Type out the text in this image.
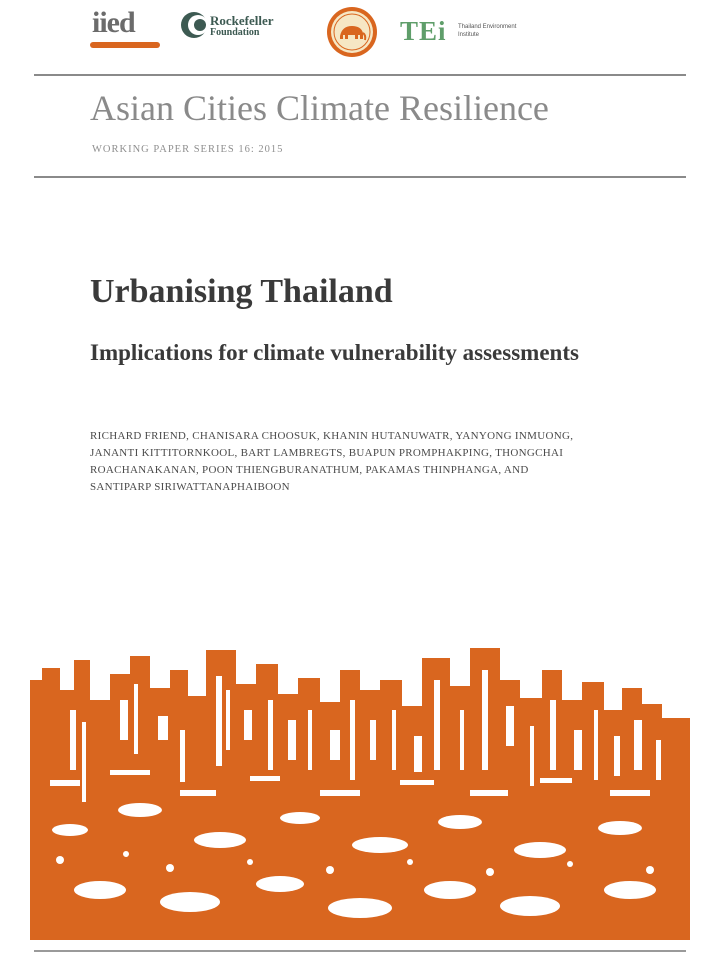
iied	Rockefeller
Foundation	TEi Thailand Environment
Institute
Asian Cities Climate Resilience
WORKING PAPER SERIES 16: 2015
Urbanising Thailand
Implications for climate vulnerability assessments
RICHARD FRIEND, CHANISARA CHOOSUK, KHANIN HUTANUWATR, YANYONG INMUONG, JANANTI KITTITORNKOOL, BART LAMBREGTS, BUAPUN PROMPHAKPING, THONGCHAI ROACHANAKANAN, POON THIENGBURANATHUM, PAKAMAS THINPHANGA, AND SANTIPARP SIRIWATTANAPHAIBOON
